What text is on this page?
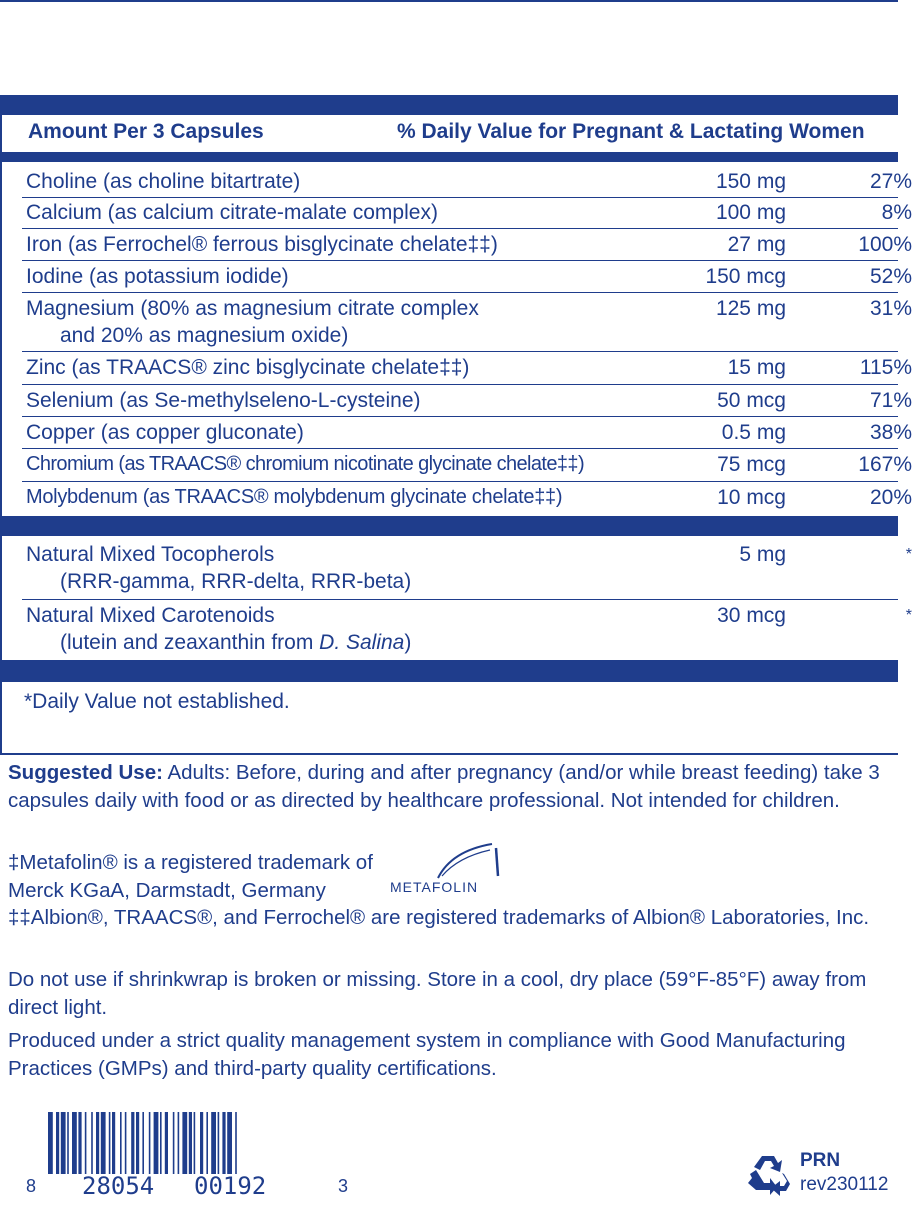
Amount Per 3 Capsules	% Daily Value for Pregnant & Lactating Women
Choline (as choline bitartrate)	150 mg	27%
Calcium (as calcium citrate-malate complex)	100 mg	8%
Iron (as Ferrochel® ferrous bisglycinate chelate‡‡)	27 mg	100%
Iodine (as potassium iodide)	150 mcg	52%
Magnesium (80% as magnesium citrate complex
and 20% as magnesium oxide)
125 mg	31%
Zinc (as TRAACS® zinc bisglycinate chelate‡‡)	15 mg	115%
Selenium (as Se-methylseleno-L-cysteine)	50 mcg	71%
Copper (as copper gluconate)	0.5 mg	38%
Chromium (as TRAACS® chromium nicotinate glycinate chelate‡‡)	75 mcg	167%
Molybdenum (as TRAACS® molybdenum glycinate chelate‡‡)	10 mcg	20%
Natural Mixed Tocopherols
(RRR-gamma, RRR-delta, RRR-beta)
5 mg	*
Natural Mixed Carotenoids
(lutein and zeaxanthin from D. Salina)
30 mcg	*
*Daily Value not established.
Suggested Use: Adults: Before, during and after pregnancy (and/or while breast feeding) take 3 capsules daily with food or as directed by healthcare professional. Not intended for children.
‡Metafolin® is a registered trademark of
Merck KGaA, Darmstadt, Germany	METAFOLIN
‡‡Albion®, TRAACS®, and Ferrochel® are registered trademarks of Albion® Laboratories, Inc.
Do not use if shrinkwrap is broken or missing. Store in a cool, dry place (59°F-85°F) away from direct light.
Produced under a strict quality management system in compliance with Good Manufacturing Practices (GMPs) and third-party quality certifications.
8 28054 00192	3
PRN
rev230112
